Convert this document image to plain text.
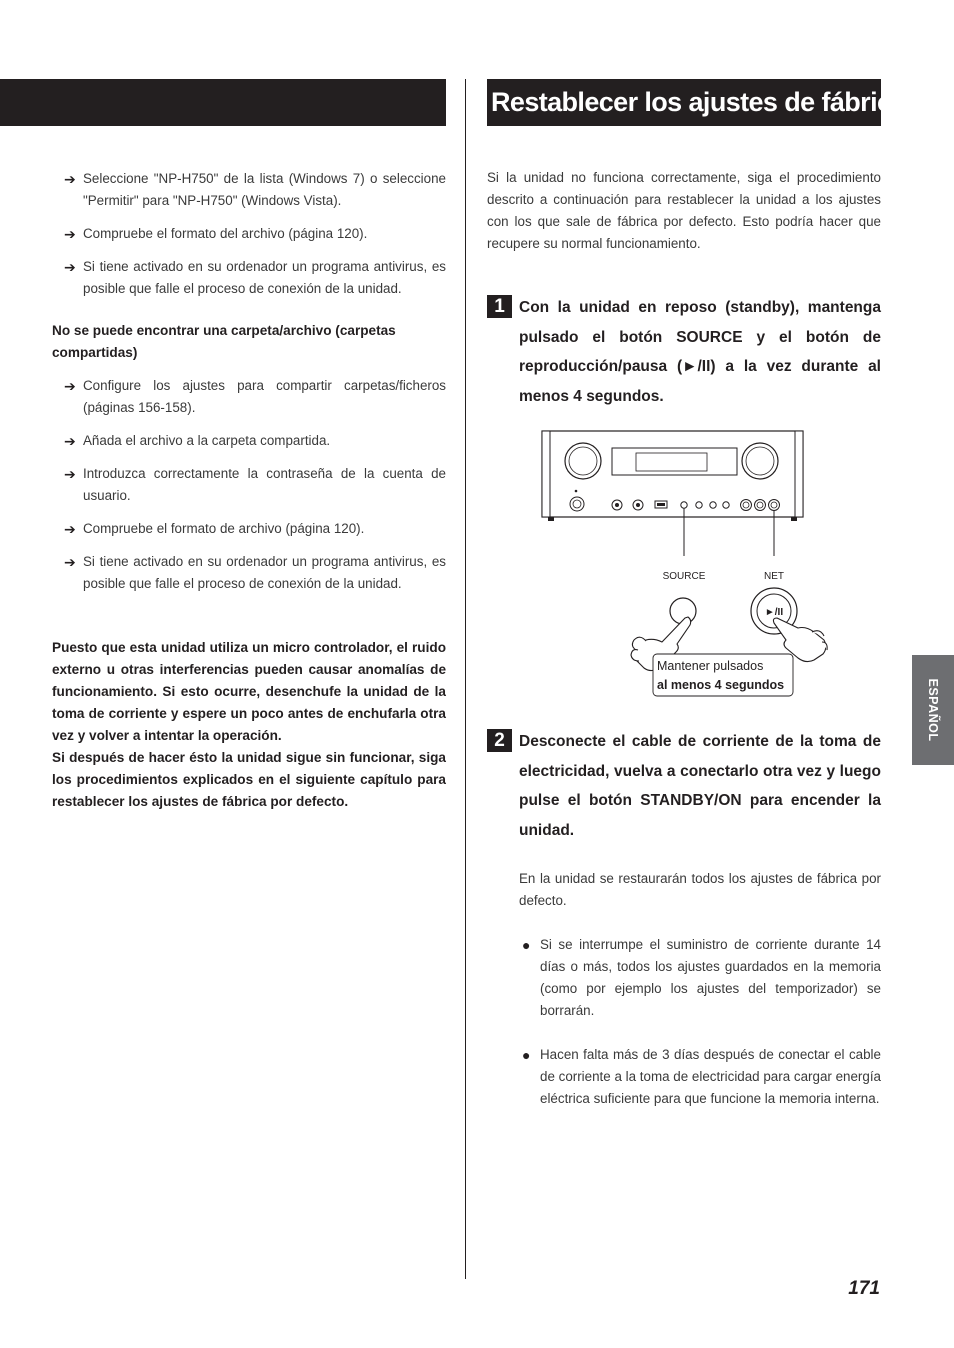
Restablecer los ajustes de fábrica
➔ Seleccione "NP-H750" de la lista (Windows 7) o seleccione "Permitir" para "NP-H750" (Windows Vista).
➔ Compruebe el formato del archivo (página 120).
➔ Si tiene activado en su ordenador un programa antivirus, es posible que falle el proceso de conexión de la unidad.
No se puede encontrar una carpeta/archivo (carpetas compartidas)
➔ Configure los ajustes para compartir carpetas/ficheros (páginas 156-158).
➔ Añada el archivo a la carpeta compartida.
➔ Introduzca correctamente la contraseña de la cuenta de usuario.
➔ Compruebe el formato de archivo (página 120).
➔ Si tiene activado en su ordenador un programa antivirus, es posible que falle el proceso de conexión de la unidad.
Puesto que esta unidad utiliza un micro controlador, el ruido externo u otras interferencias pueden causar anomalías de funcionamiento. Si esto ocurre, desenchufe la unidad de la toma de corriente y espere un poco antes de enchufarla otra vez y volver a intentar la operación.
Si después de hacer ésto la unidad sigue sin funcionar, siga los procedimientos explicados en el siguiente capítulo para restablecer los ajustes de fábrica por defecto.
Si la unidad no funciona correctamente, siga el procedimiento descrito a continuación para restablecer la unidad a los ajustes con los que sale de fábrica por defecto. Esto podría hacer que recupere su normal funcionamiento.
1 Con la unidad en reposo (standby), mantenga pulsado el botón SOURCE y el botón de reproducción/pausa (►/II) a la vez durante al menos 4 segundos.
SOURCE	NET
►/II
Mantener pulsados
al menos 4 segundos
2 Desconecte el cable de corriente de la toma de electricidad, vuelva a conectarlo otra vez y luego pulse el botón STANDBY/ON para encender la unidad.
En la unidad se restaurarán todos los ajustes de fábrica por defecto.
● Si se interrumpe el suministro de corriente durante 14 días o más, todos los ajustes guardados en la memoria (como por ejemplo los ajustes del temporizador) se borrarán.
● Hacen falta más de 3 días después de conectar el cable de corriente a la toma de electricidad para cargar energía eléctrica suficiente para que funcione la memoria interna.
ESPAÑOL
171
